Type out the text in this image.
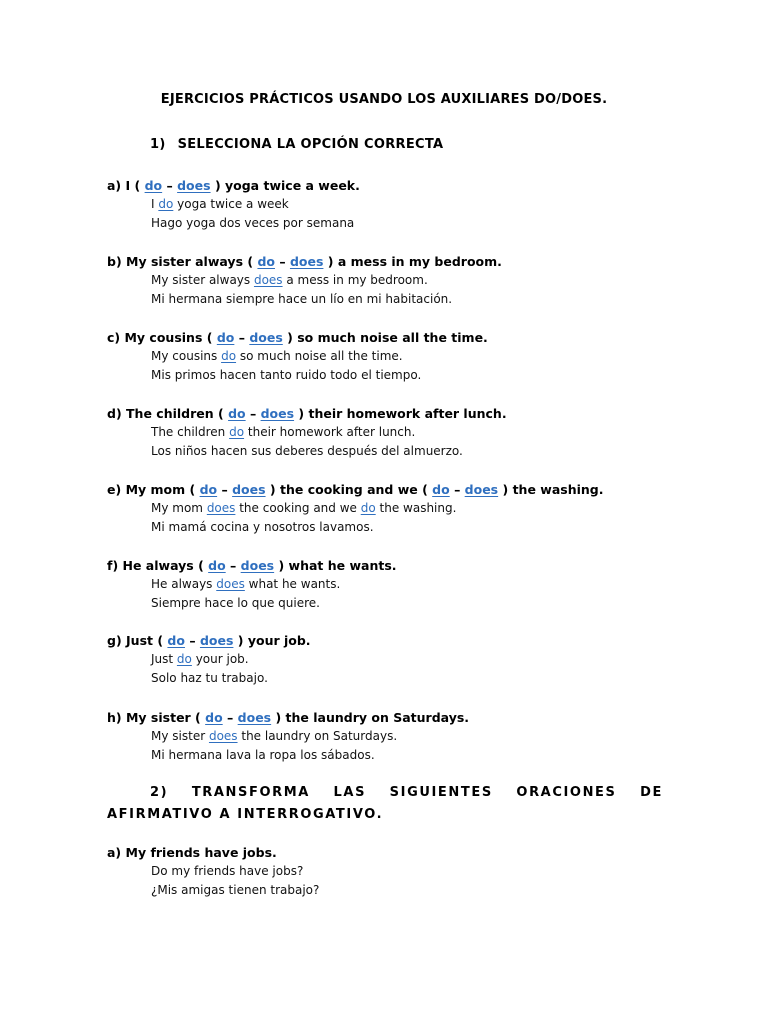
EJERCICIOS PRÁCTICOS USANDO LOS AUXILIARES DO/DOES.
1) SELECCIONA LA OPCIÓN CORRECTA
a) I ( do – does ) yoga twice a week.
I do yoga twice a week
Hago yoga dos veces por semana
b) My sister always ( do – does ) a mess in my bedroom.
My sister always does a mess in my bedroom.
Mi hermana siempre hace un lío en mi habitación.
c) My cousins ( do – does ) so much noise all the time.
My cousins do so much noise all the time.
Mis primos hacen tanto ruido todo el tiempo.
d) The children ( do – does ) their homework after lunch.
The children do their homework after lunch.
Los niños hacen sus deberes después del almuerzo.
e) My mom ( do – does ) the cooking and we ( do – does ) the washing.
My mom does the cooking and we do the washing.
Mi mamá cocina y nosotros lavamos.
f) He always ( do – does ) what he wants.
He always does what he wants.
Siempre hace lo que quiere.
g) Just ( do – does ) your job.
Just do your job.
Solo haz tu trabajo.
h) My sister ( do – does ) the laundry on Saturdays.
My sister does the laundry on Saturdays.
Mi hermana lava la ropa los sábados.
2) TRANSFORMA LAS SIGUIENTES ORACIONES DE AFIRMATIVO A INTERROGATIVO.
a) My friends have jobs.
Do my friends have jobs?
¿Mis amigas tienen trabajo?
